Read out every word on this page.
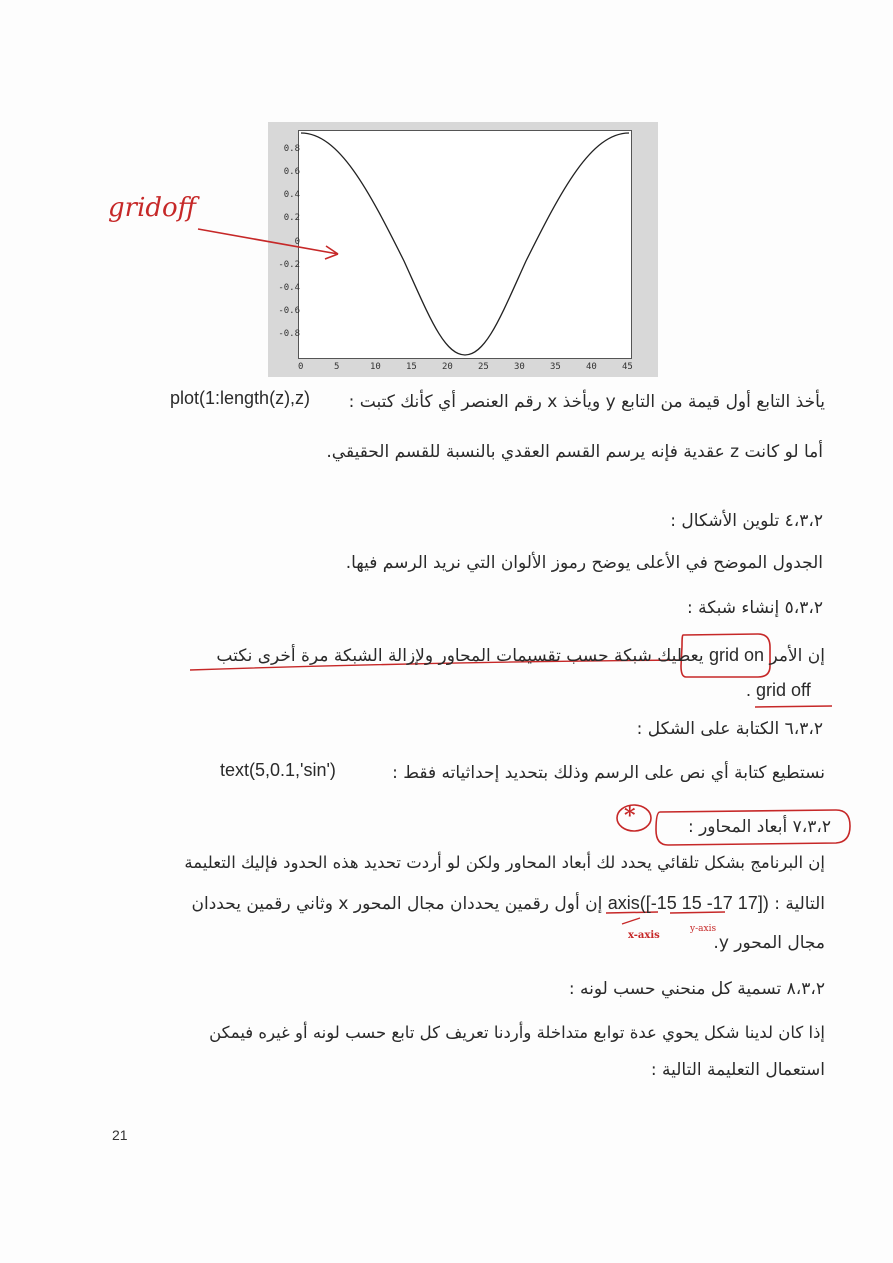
0.8
0.6
0.4
0.2
0
-0.2
-0.4
-0.6
-0.8
0	5	10	15	20	25	30	35	40	45
gridoff
*
x-axis
y-axis
plot(1:length(z),z) يأخذ التابع أول قيمة من التابع y ويأخذ x رقم العنصر أي كأنك كتبت :
أما لو كانت z عقدية فإنه يرسم القسم العقدي بالنسبة للقسم الحقيقي.
٤،٣،٢ تلوين الأشكال :
الجدول الموضح في الأعلى يوضح رموز الألوان التي نريد الرسم فيها.
٥،٣،٢ إنشاء شبكة :
إن الأمر grid on يعطيك شبكة حسب تقسيمات المحاور ولإزالة الشبكة مرة أخرى نكتب
. grid off
٦،٣،٢ الكتابة على الشكل :
text(5,0.1,'sin')	نستطيع كتابة أي نص على الرسم وذلك بتحديد إحداثياته فقط :
٧،٣،٢ أبعاد المحاور :
إن البرنامج بشكل تلقائي يحدد لك أبعاد المحاور ولكن لو أردت تحديد هذه الحدود فإليك التعليمة
التالية : axis([-15 15 -17 17]) إن أول رقمين يحددان مجال المحور x وثاني رقمين يحددان
مجال المحور y.
٨،٣،٢ تسمية كل منحني حسب لونه :
إذا كان لدينا شكل يحوي عدة توابع متداخلة وأردنا تعريف كل تابع حسب لونه أو غيره فيمكن
استعمال التعليمة التالية :
21
